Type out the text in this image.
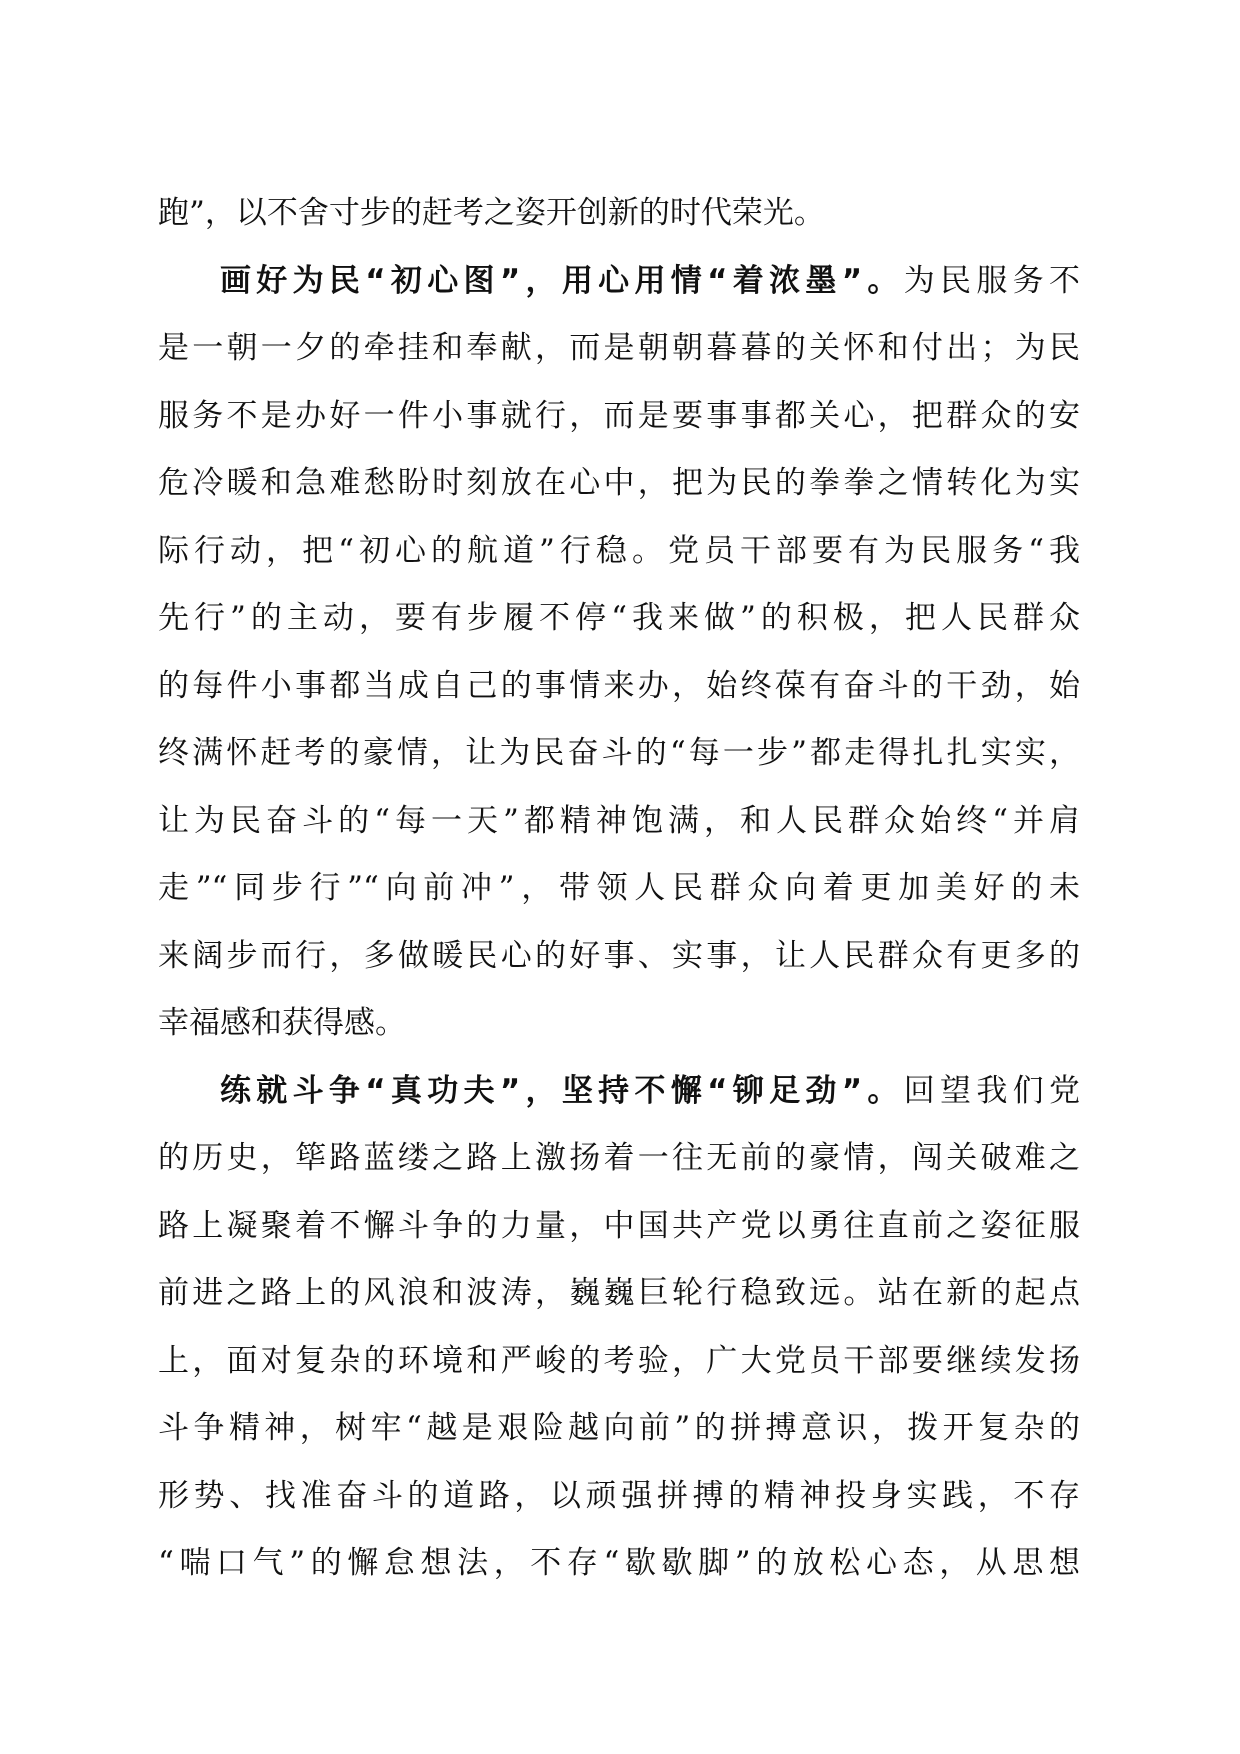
跑”，以不舍寸步的赶考之姿开创新的时代荣光。
画好为民“初心图”，用心用情“着浓墨”。为民服务不
是一朝一夕的牵挂和奉献，而是朝朝暮暮的关怀和付出；为民
服务不是办好一件小事就行，而是要事事都关心，把群众的安
危冷暖和急难愁盼时刻放在心中，把为民的拳拳之情转化为实
际行动，把“初心的航道”行稳。党员干部要有为民服务“我
先行”的主动，要有步履不停“我来做”的积极，把人民群众
的每件小事都当成自己的事情来办，始终葆有奋斗的干劲，始
终满怀赶考的豪情，让为民奋斗的“每一步”都走得扎扎实实，
让为民奋斗的“每一天”都精神饱满，和人民群众始终“并肩
走”“同步行”“向前冲”，带领人民群众向着更加美好的未
来阔步而行，多做暖民心的好事、实事，让人民群众有更多的
幸福感和获得感。
练就斗争“真功夫”，坚持不懈“铆足劲”。回望我们党
的历史，筚路蓝缕之路上激扬着一往无前的豪情，闯关破难之
路上凝聚着不懈斗争的力量，中国共产党以勇往直前之姿征服
前进之路上的风浪和波涛，巍巍巨轮行稳致远。站在新的起点
上，面对复杂的环境和严峻的考验，广大党员干部要继续发扬
斗争精神，树牢“越是艰险越向前”的拼搏意识，拨开复杂的
形势、找准奋斗的道路，以顽强拼搏的精神投身实践，不存
“喘口气”的懈怠想法，不存“歇歇脚”的放松心态，从思想
